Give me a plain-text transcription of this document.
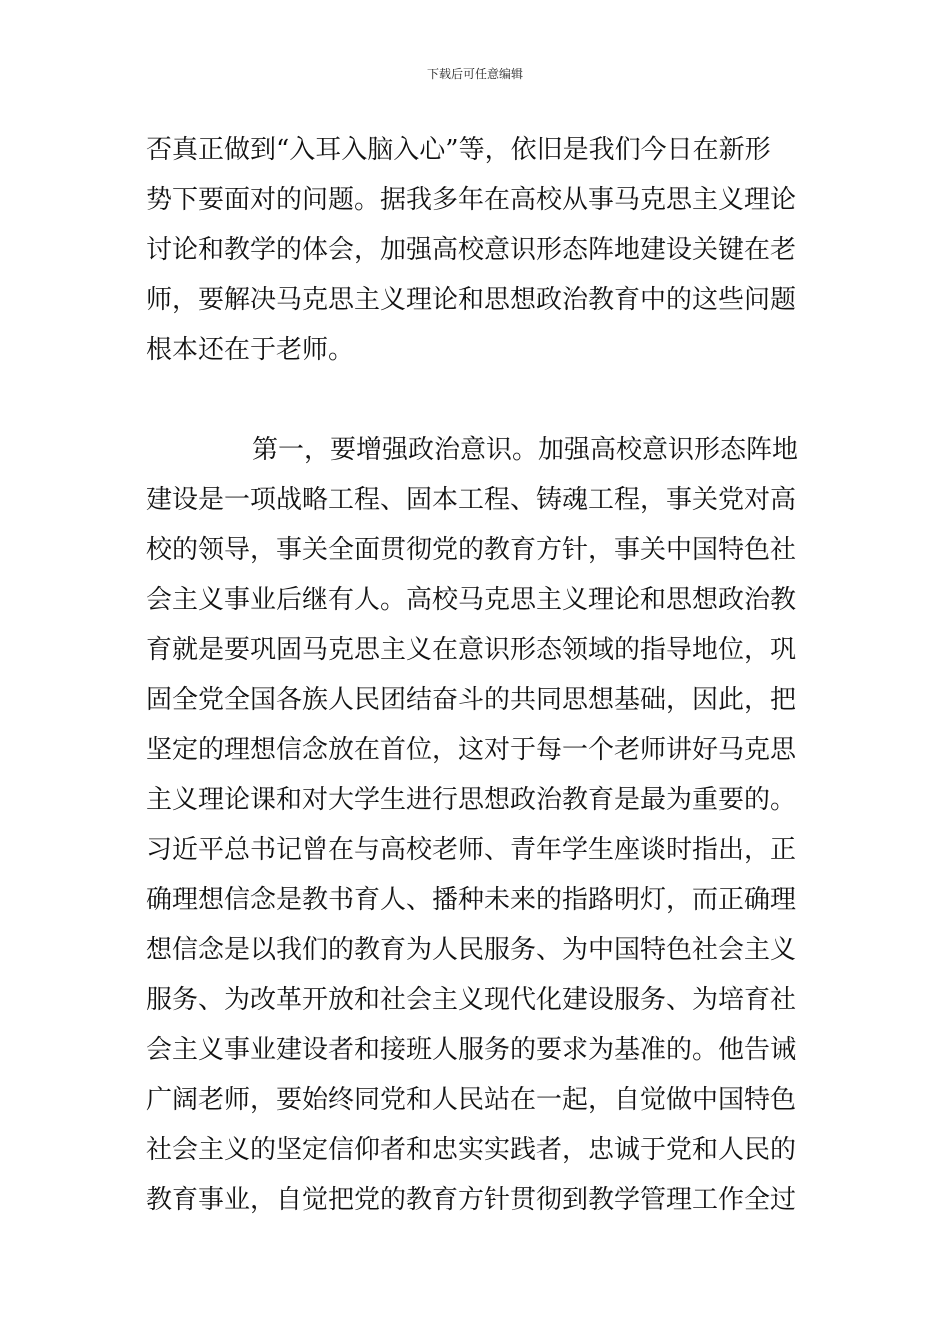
下载后可任意编辑
否真正做到“入耳入脑入心”等，依旧是我们今日在新形
势下要面对的问题。据我多年在高校从事马克思主义理论
讨论和教学的体会，加强高校意识形态阵地建设关键在老
师，要解决马克思主义理论和思想政治教育中的这些问题
根本还在于老师。
第一，要增强政治意识。加强高校意识形态阵地
建设是一项战略工程、固本工程、铸魂工程，事关党对高
校的领导，事关全面贯彻党的教育方针，事关中国特色社
会主义事业后继有人。高校马克思主义理论和思想政治教
育就是要巩固马克思主义在意识形态领域的指导地位，巩
固全党全国各族人民团结奋斗的共同思想基础，因此，把
坚定的理想信念放在首位，这对于每一个老师讲好马克思
主义理论课和对大学生进行思想政治教育是最为重要的。
习近平总书记曾在与高校老师、青年学生座谈时指出，正
确理想信念是教书育人、播种未来的指路明灯，而正确理
想信念是以我们的教育为人民服务、为中国特色社会主义
服务、为改革开放和社会主义现代化建设服务、为培育社
会主义事业建设者和接班人服务的要求为基准的。他告诫
广阔老师，要始终同党和人民站在一起，自觉做中国特色
社会主义的坚定信仰者和忠实实践者，忠诚于党和人民的
教育事业，自觉把党的教育方针贯彻到教学管理工作全过
